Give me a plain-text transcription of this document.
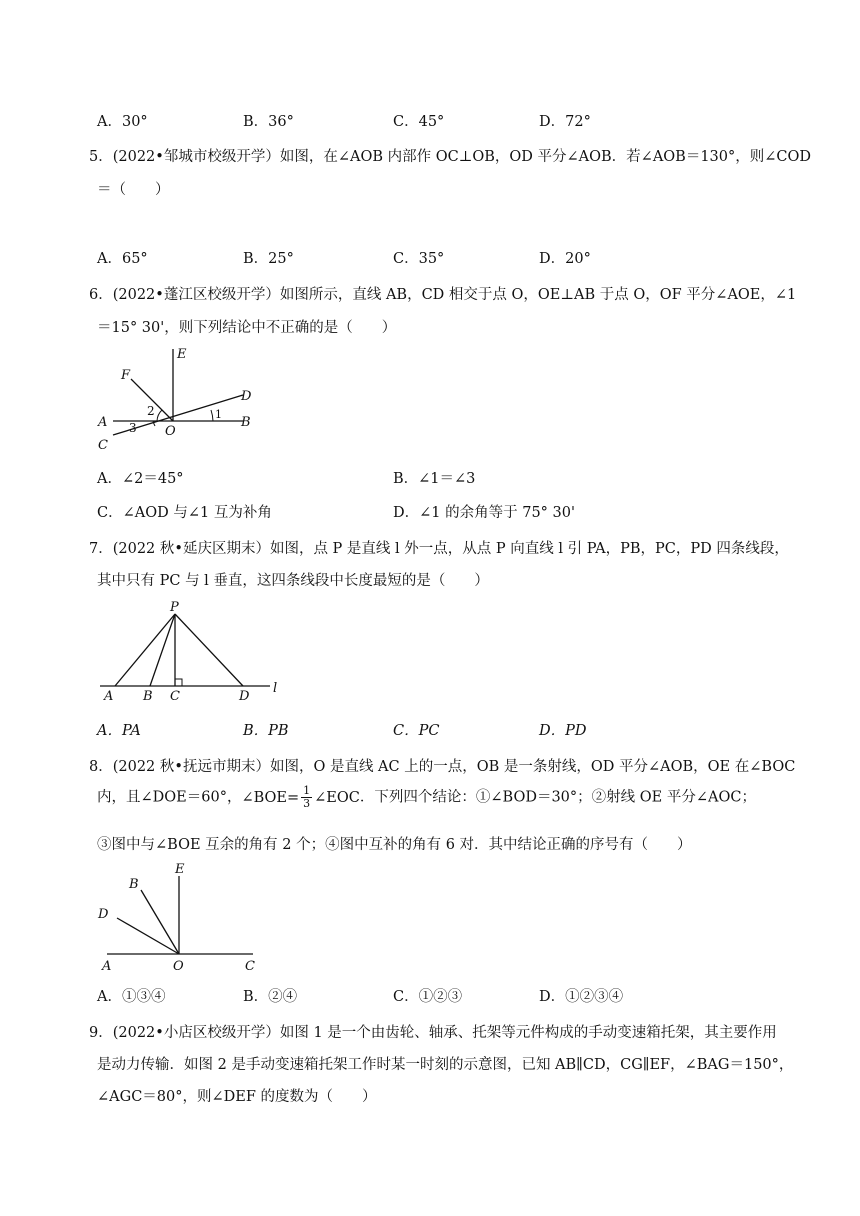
A．30°	B．36°	C．45°	D．72°
5．(2022•邹城市校级开学）如图，在∠AOB 内部作 OC⊥OB，OD 平分∠AOB．若∠AOB＝130°，则∠COD
＝（　　）
A．65°	B．25°	C．35°	D．20°
6．(2022•蓬江区校级开学）如图所示，直线 AB，CD 相交于点 O，OE⊥AB 于点 O，OF 平分∠AOE，∠1
＝15° 30'，则下列结论中不正确的是（　　）
E
F
D
A	B
C
O
1
2
3
A．∠2＝45°	B．∠1＝∠3
C．∠AOD 与∠1 互为补角	D．∠1 的余角等于 75° 30'
7．(2022 秋•延庆区期末）如图，点 P 是直线 l 外一点，从点 P 向直线 l 引 PA，PB，PC，PD 四条线段，
其中只有 PC 与 l 垂直，这四条线段中长度最短的是（　　）
P
A B C	D
l
A．PA	B．PB	C．PC	D．PD
8．(2022 秋•抚远市期末）如图，O 是直线 AC 上的一点，OB 是一条射线，OD 平分∠AOB，OE 在∠BOC
内，且∠DOE＝60°，∠BOE= $\frac{1}{3}$ ∠EOC．下列四个结论：①∠BOD＝30°；②射线 OE 平分∠AOC；
③图中与∠BOE 互余的角有 2 个；④图中互补的角有 6 对．其中结论正确的序号有（　　）
E
B
D
A	O	C
A．①③④	B．②④	C．①②③	D．①②③④
9．(2022•小店区校级开学）如图 1 是一个由齿轮、轴承、托架等元件构成的手动变速箱托架，其主要作用
是动力传输．如图 2 是手动变速箱托架工作时某一时刻的示意图，已知 AB∥CD，CG∥EF，∠BAG＝150°，
∠AGC＝80°，则∠DEF 的度数为（　　）
